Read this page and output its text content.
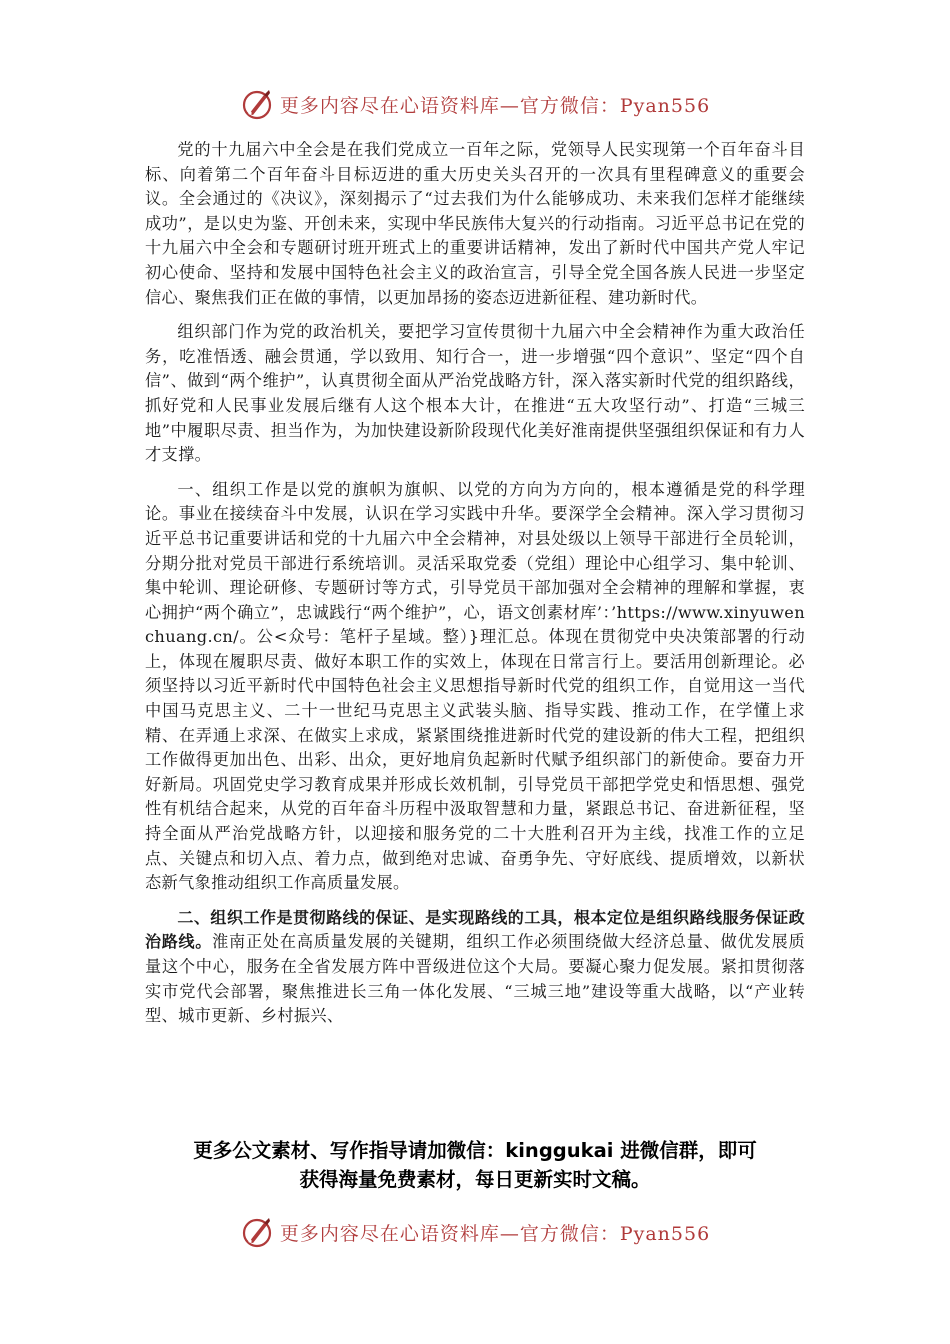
更多内容尽在心语资料库—官方微信：Pyan556

党的十九届六中全会是在我们党成立一百年之际，党领导人民实现第一个百年奋斗目标、向着第二个百年奋斗目标迈进的重大历史关头召开的一次具有里程碑意义的重要会议。全会通过的《决议》，深刻揭示了“过去我们为什么能够成功、未来我们怎样才能继续成功”，是以史为鉴、开创未来，实现中华民族伟大复兴的行动指南。习近平总书记在党的十九届六中全会和专题研讨班开班式上的重要讲话精神，发出了新时代中国共产党人牢记初心使命、坚持和发展中国特色社会主义的政治宣言，引导全党全国各族人民进一步坚定信心、聚焦我们正在做的事情，以更加昂扬的姿态迈进新征程、建功新时代。

组织部门作为党的政治机关，要把学习宣传贯彻十九届六中全会精神作为重大政治任务，吃准悟透、融会贯通，学以致用、知行合一，进一步增强“四个意识”、坚定“四个自信”、做到“两个维护”，认真贯彻全面从严治党战略方针，深入落实新时代党的组织路线，抓好党和人民事业发展后继有人这个根本大计，在推进“五大攻坚行动”、打造“三城三地”中履职尽责、担当作为，为加快建设新阶段现代化美好淮南提供坚强组织保证和有力人才支撑。

一、组织工作是以党的旗帜为旗帜、以党的方向为方向的，根本遵循是党的科学理论。事业在接续奋斗中发展，认识在学习实践中升华。要深学全会精神。深入学习贯彻习近平总书记重要讲话和党的十九届六中全会精神，对县处级以上领导干部进行全员轮训，分期分批对党员干部进行系统培训。灵活采取党委（党组）理论中心组学习、集中轮训、集中轮训、理论研修、专题研讨等方式，引导党员干部加强对全会精神的理解和掌握，衷心拥护“两个确立”，忠诚践行“两个维护”，心，语文创素材库’：’https://www.xinyuwenchuang.cn/。公<众号：笔杆子星域。整）}理汇总。体现在贯彻党中央决策部署的行动上，体现在履职尽责、做好本职工作的实效上，体现在日常言行上。要活用创新理论。必须坚持以习近平新时代中国特色社会主义思想指导新时代党的组织工作，自觉用这一当代中国马克思主义、二十一世纪马克思主义武装头脑、指导实践、推动工作，在学懂上求精、在弄通上求深、在做实上求成，紧紧围绕推进新时代党的建设新的伟大工程，把组织工作做得更加出色、出彩、出众，更好地肩负起新时代赋予组织部门的新使命。要奋力开好新局。巩固党史学习教育成果并形成长效机制，引导党员干部把学党史和悟思想、强党性有机结合起来，从党的百年奋斗历程中汲取智慧和力量，紧跟总书记、奋进新征程，坚持全面从严治党战略方针，以迎接和服务党的二十大胜利召开为主线，找准工作的立足点、关键点和切入点、着力点，做到绝对忠诚、奋勇争先、守好底线、提质增效，以新状态新气象推动组织工作高质量发展。

二、组织工作是贯彻路线的保证、是实现路线的工具，根本定位是组织路线服务保证政治路线。淮南正处在高质量发展的关键期，组织工作必须围绕做大经济总量、做优发展质量这个中心，服务在全省发展方阵中晋级进位这个大局。要凝心聚力促发展。紧扣贯彻落实市党代会部署，聚焦推进长三角一体化发展、“三城三地”建设等重大战略，以“产业转型、城市更新、乡村振兴、

更多公文素材、写作指导请加微信：kinggukai 进微信群，即可
获得海量免费素材，每日更新实时文稿。
更多内容尽在心语资料库—官方微信：Pyan556
